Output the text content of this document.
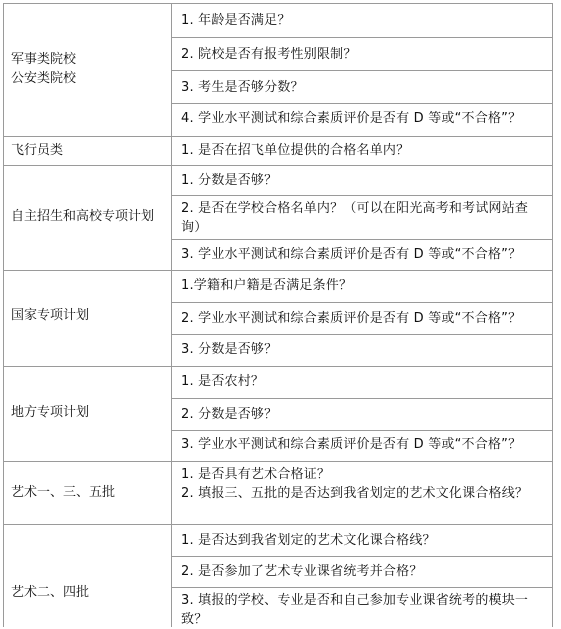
军事类院校
公安类院校
1. 年龄是否满足？
2. 院校是否有报考性别限制？
3. 考生是否够分数？
4. 学业水平测试和综合素质评价是否有 D 等或“不合格”？
飞行员类	1. 是否在招飞单位提供的合格名单内？
自主招生和高校专项计划
1. 分数是否够？
2. 是否在学校合格名单内？（可以在阳光高考和考试网站查询）
3. 学业水平测试和综合素质评价是否有 D 等或“不合格”？
国家专项计划
1.学籍和户籍是否满足条件？
2. 学业水平测试和综合素质评价是否有 D 等或“不合格”？
3. 分数是否够？
地方专项计划
1. 是否农村？
2. 分数是否够？
3. 学业水平测试和综合素质评价是否有 D 等或“不合格”？
艺术一、三、五批
1. 是否具有艺术合格证？
2. 填报三、五批的是否达到我省划定的艺术文化课合格线？
艺术二、四批
1. 是否达到我省划定的艺术文化课合格线？
2. 是否参加了艺术专业课省统考并合格？
3. 填报的学校、专业是否和自己参加专业课省统考的模块一致？
